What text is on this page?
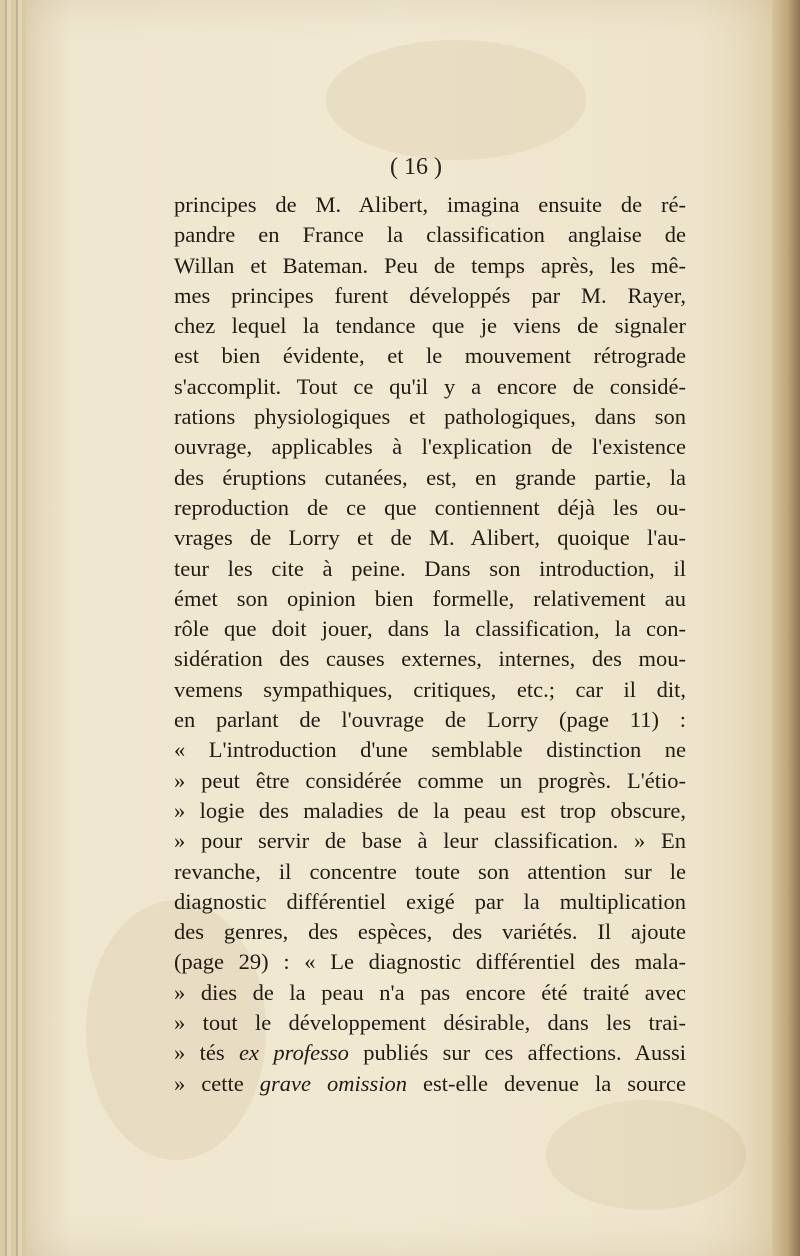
( 16 )
principes de M. Alibert, imagina ensuite de ré-
pandre en France la classification anglaise de
Willan et Bateman. Peu de temps après, les mê-
mes principes furent développés par M. Rayer,
chez lequel la tendance que je viens de signaler
est bien évidente, et le mouvement rétrograde
s'accomplit. Tout ce qu'il y a encore de considé-
rations physiologiques et pathologiques, dans son
ouvrage, applicables à l'explication de l'existence
des éruptions cutanées, est, en grande partie, la
reproduction de ce que contiennent déjà les ou-
vrages de Lorry et de M. Alibert, quoique l'au-
teur les cite à peine. Dans son introduction, il
émet son opinion bien formelle, relativement au
rôle que doit jouer, dans la classification, la con-
sidération des causes externes, internes, des mou-
vemens sympathiques, critiques, etc.; car il dit,
en parlant de l'ouvrage de Lorry (page 11) :
« L'introduction d'une semblable distinction ne
» peut être considérée comme un progrès. L'étio-
» logie des maladies de la peau est trop obscure,
» pour servir de base à leur classification. » En
revanche, il concentre toute son attention sur le
diagnostic différentiel exigé par la multiplication
des genres, des espèces, des variétés. Il ajoute
(page 29) : « Le diagnostic différentiel des mala-
» dies de la peau n'a pas encore été traité avec
» tout le développement désirable, dans les trai-
» tés ex professo publiés sur ces affections. Aussi
» cette grave omission est-elle devenue la source
